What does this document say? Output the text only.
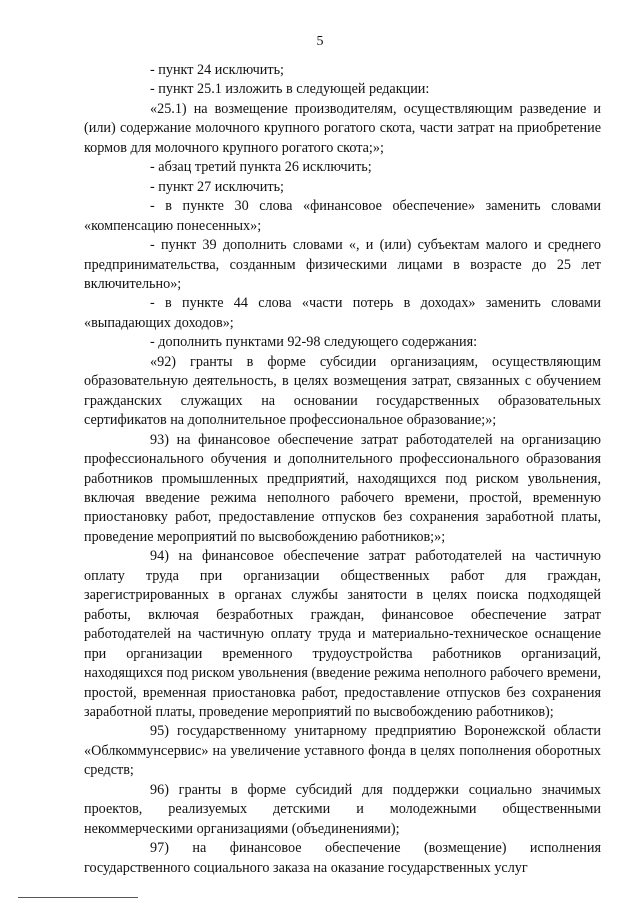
5

- пункт 24 исключить;

- пункт 25.1 изложить в следующей редакции:

«25.1) на возмещение производителям, осуществляющим разведение и (или) содержание молочного крупного рогатого скота, части затрат на приобретение кормов для молочного крупного рогатого скота;»;

- абзац третий пункта 26 исключить;

- пункт 27 исключить;

- в пункте 30 слова «финансовое обеспечение» заменить словами «компенсацию понесенных»;

- пункт 39 дополнить словами «, и (или) субъектам малого и среднего предпринимательства, созданным физическими лицами в возрасте до 25 лет включительно»;

- в пункте 44 слова «части потерь в доходах» заменить словами «выпадающих доходов»;

- дополнить пунктами 92-98 следующего содержания:

«92) гранты в форме субсидии организациям, осуществляющим образовательную деятельность, в целях возмещения затрат, связанных с обучением гражданских служащих на основании государственных образовательных сертификатов на дополнительное профессиональное образование;»;

93) на финансовое обеспечение затрат работодателей на организацию профессионального обучения и дополнительного профессионального образования работников промышленных предприятий, находящихся под риском увольнения, включая введение режима неполного рабочего времени, простой, временную приостановку работ, предоставление отпусков без сохранения заработной платы, проведение мероприятий по высвобождению работников;»;

94) на финансовое обеспечение затрат работодателей на частичную оплату труда при организации общественных работ для граждан, зарегистрированных в органах службы занятости в целях поиска подходящей работы, включая безработных граждан, финансовое обеспечение затрат работодателей на частичную оплату труда и материально-техническое оснащение при организации временного трудоустройства работников организаций, находящихся под риском увольнения (введение режима неполного рабочего времени, простой, временная приостановка работ, предоставление отпусков без сохранения заработной платы, проведение мероприятий по высвобождению работников);

95) государственному унитарному предприятию Воронежской области «Облкоммунсервис» на увеличение уставного фонда в целях пополнения оборотных средств;

96) гранты в форме субсидий для поддержки социально значимых проектов, реализуемых детскими и молодежными общественными некоммерческими организациями (объединениями);

97) на финансовое обеспечение (возмещение) исполнения государственного социального заказа на оказание государственных услуг
